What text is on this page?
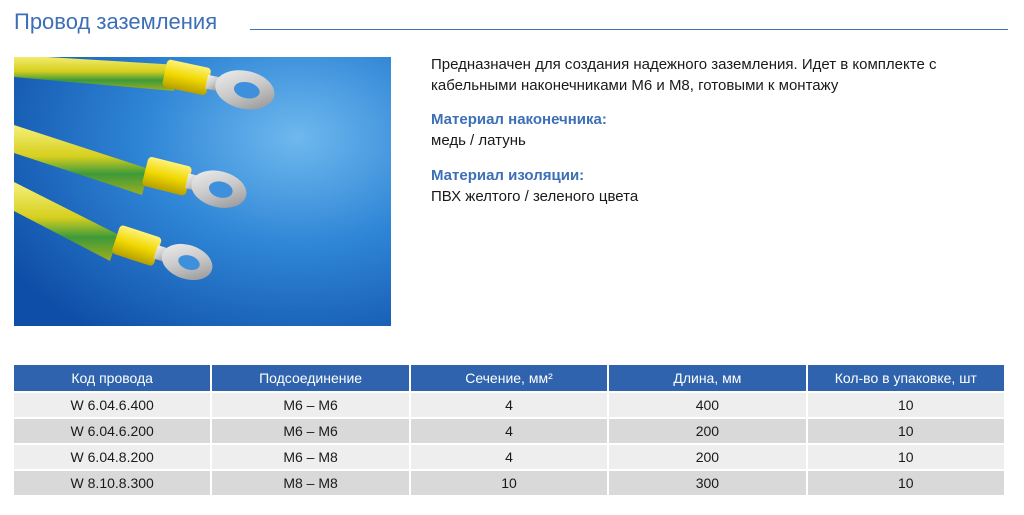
Провод заземления

Предназначен для создания надежного заземления. Идет в комплекте с кабельными наконечниками М6 и М8, готовыми к монтажу

Материал наконечника:

медь / латунь

Материал изоляции:

ПВХ желтого / зеленого цвета

Код провода	Подсоединение	Сечение, мм²	Длина, мм	Кол-во в упаковке, шт
W 6.04.6.400	М6 – М6	4	400	10
W 6.04.6.200	М6 – М6	4	200	10
W 6.04.8.200	М6 – М8	4	200	10
W 8.10.8.300	М8 – М8	10	300	10
